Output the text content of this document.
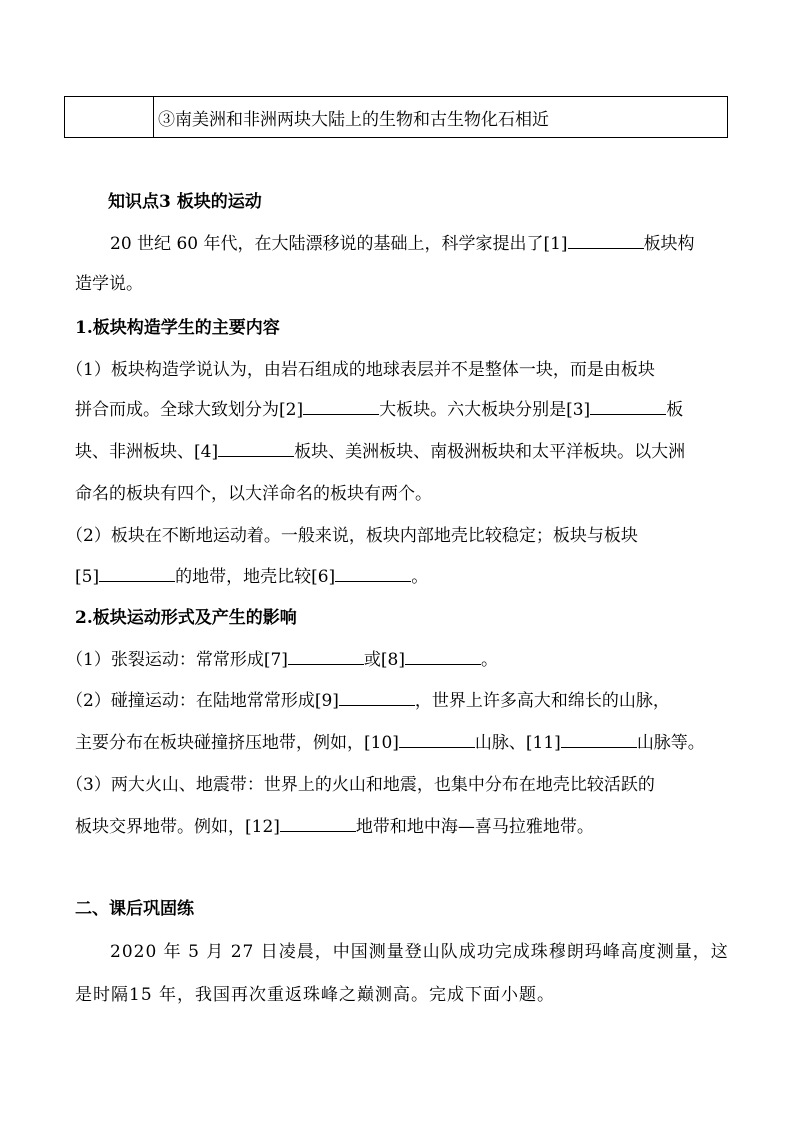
③南美洲和非洲两块大陆上的生物和古生物化石相近
知识点3 板块的运动
20 世纪 60 年代，在大陆漂移说的基础上，科学家提出了[1]	板块构
造学说。
1.板块构造学生的主要内容
（1）板块构造学说认为，由岩石组成的地球表层并不是整体一块，而是由板块
拼合而成。全球大致划分为[2]	大板块。六大板块分别是[3]	板
块、非洲板块、[4]	板块、美洲板块、南极洲板块和太平洋板块。以大洲
命名的板块有四个，以大洋命名的板块有两个。
（2）板块在不断地运动着。一般来说，板块内部地壳比较稳定；板块与板块
[5]	的地带，地壳比较[6]	。
2.板块运动形式及产生的影响
（1）张裂运动：常常形成[7]	或[8]	。
（2）碰撞运动：在陆地常常形成[9]	，世界上许多高大和绵长的山脉，
主要分布在板块碰撞挤压地带，例如，[10]	山脉、[11]	山脉等。
（3）两大火山、地震带：世界上的火山和地震，也集中分布在地壳比较活跃的
板块交界地带。例如，[12]	地带和地中海—喜马拉雅地带。
二、课后巩固练
2020 年 5 月 27 日凌晨，中国测量登山队成功完成珠穆朗玛峰高度测量，这
是时隔15 年，我国再次重返珠峰之巅测高。完成下面小题。
